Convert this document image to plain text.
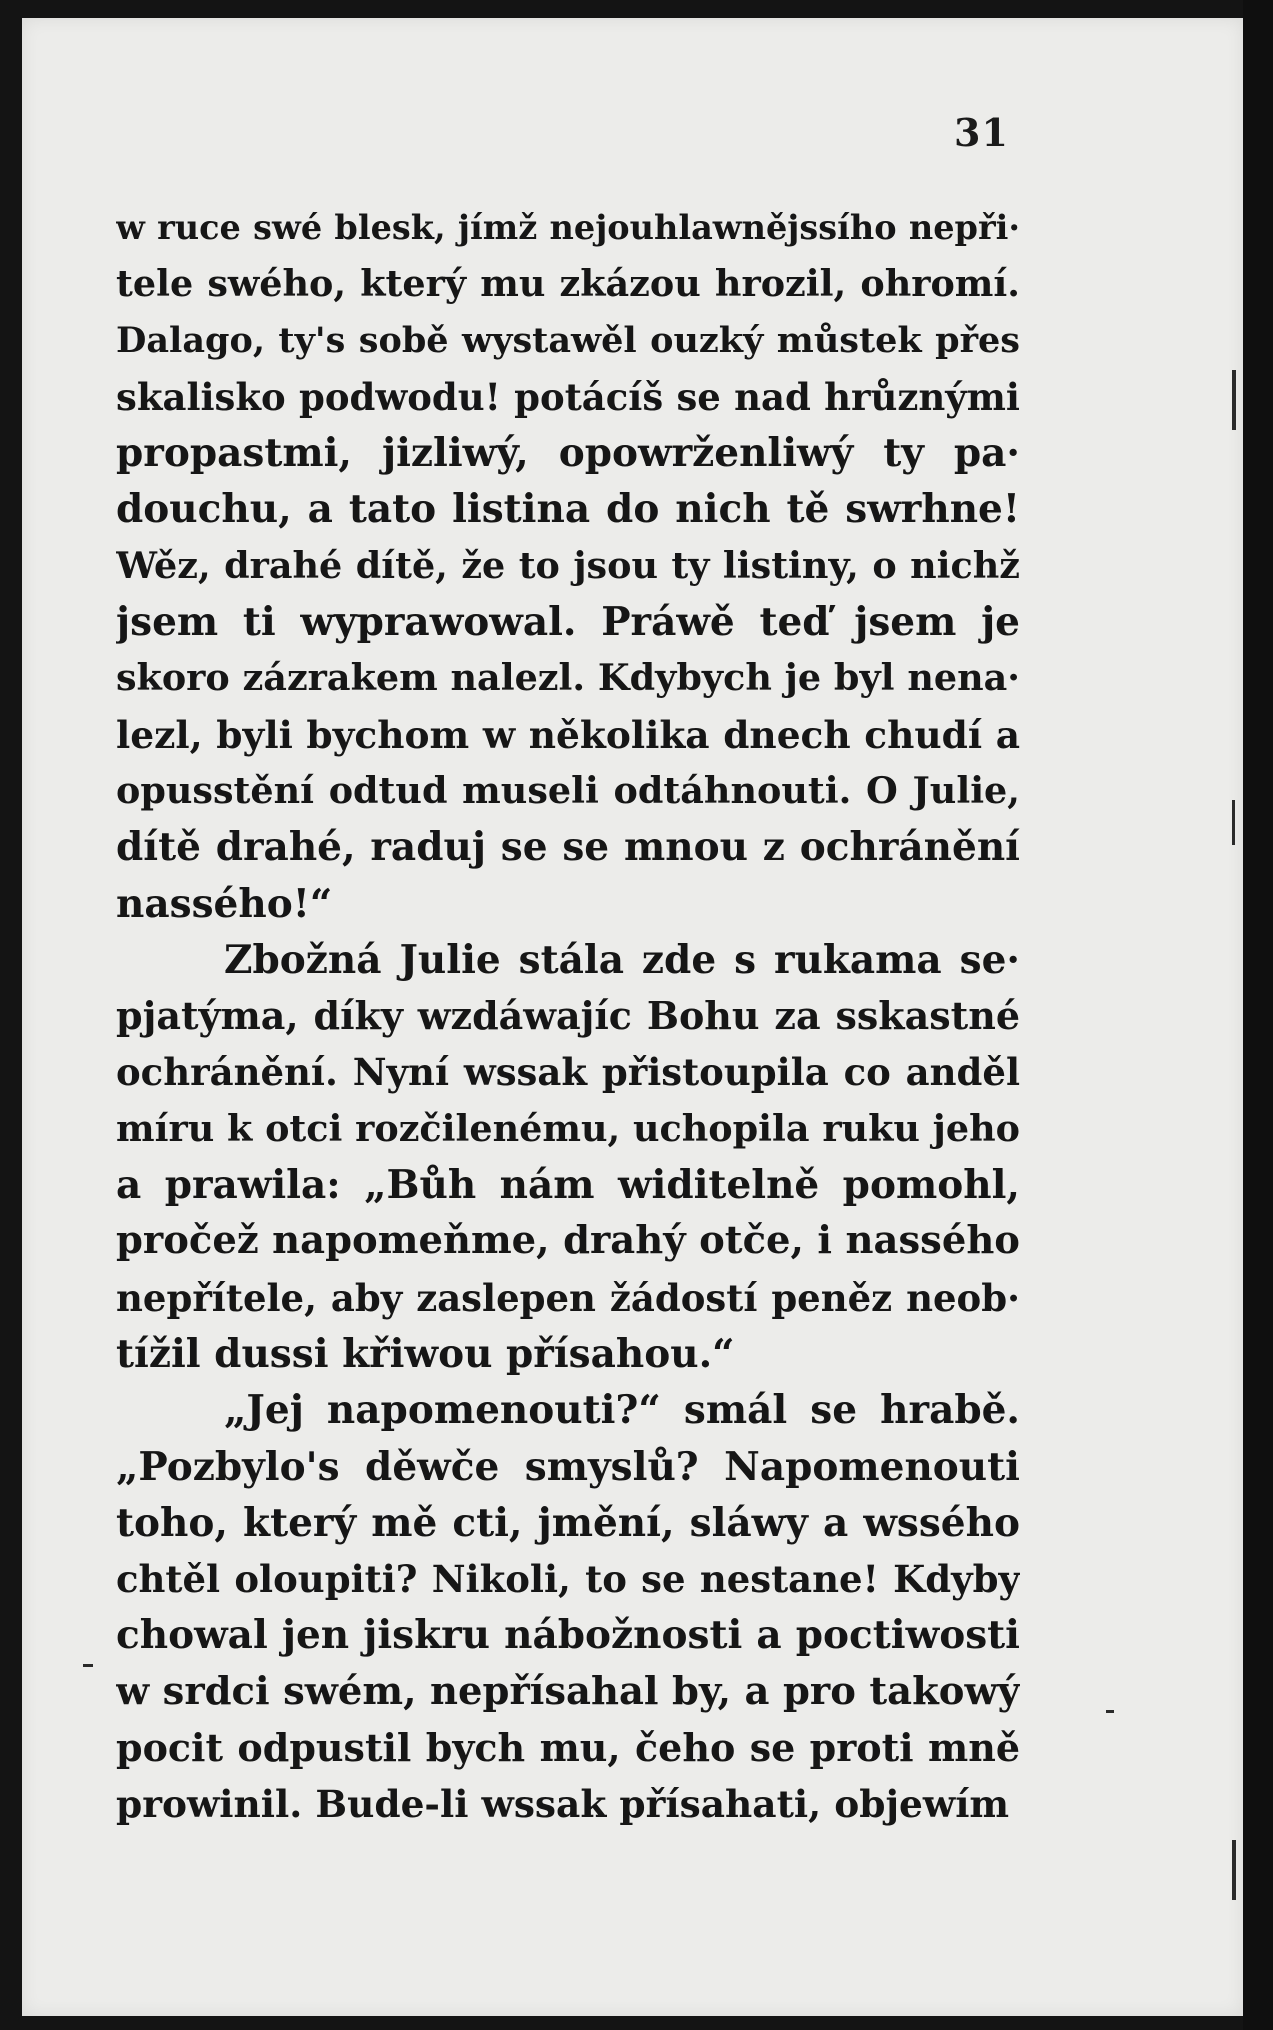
31
w ruce swé blesk, jímž nejouhlawnějssího nepři·
tele swého, který mu zkázou hrozil, ohromí.
Dalago, ty's sobě wystawěl ouzký můstek přes
skalisko podwodu! potácíš se nad hrůznými
propastmi, jizliwý, opowrženliwý ty pa·
douchu, a tato listina do nich tě swrhne!
Wěz, drahé dítě, že to jsou ty listiny, o nichž
jsem ti wyprawowal. Práwě teď jsem je
skoro zázrakem nalezl. Kdybych je byl nena·
lezl, byli bychom w několika dnech chudí a
opusstění odtud museli odtáhnouti. O Julie,
dítě drahé, raduj se se mnou z ochránění
nassého!“
Zbožná Julie stála zde s rukama se·
pjatýma, díky wzdáwajíc Bohu za sskastné
ochránění. Nyní wssak přistoupila co anděl
míru k otci rozčilenému, uchopila ruku jeho
a prawila: „Bůh nám widitelně pomohl,
pročež napomeňme, drahý otče, i nassého
nepřítele, aby zaslepen žádostí peněz neob·
tížil dussi křiwou přísahou.“
„Jej napomenouti?“ smál se hrabě.
„Pozbylo's děwče smyslů? Napomenouti
toho, který mě cti, jmění, sláwy a wssého
chtěl oloupiti? Nikoli, to se nestane! Kdyby
chowal jen jiskru nábožnosti a poctiwosti
w srdci swém, nepřísahal by, a pro takowý
pocit odpustil bych mu, čeho se proti mně
prowinil. Bude-li wssak přísahati, objewím
